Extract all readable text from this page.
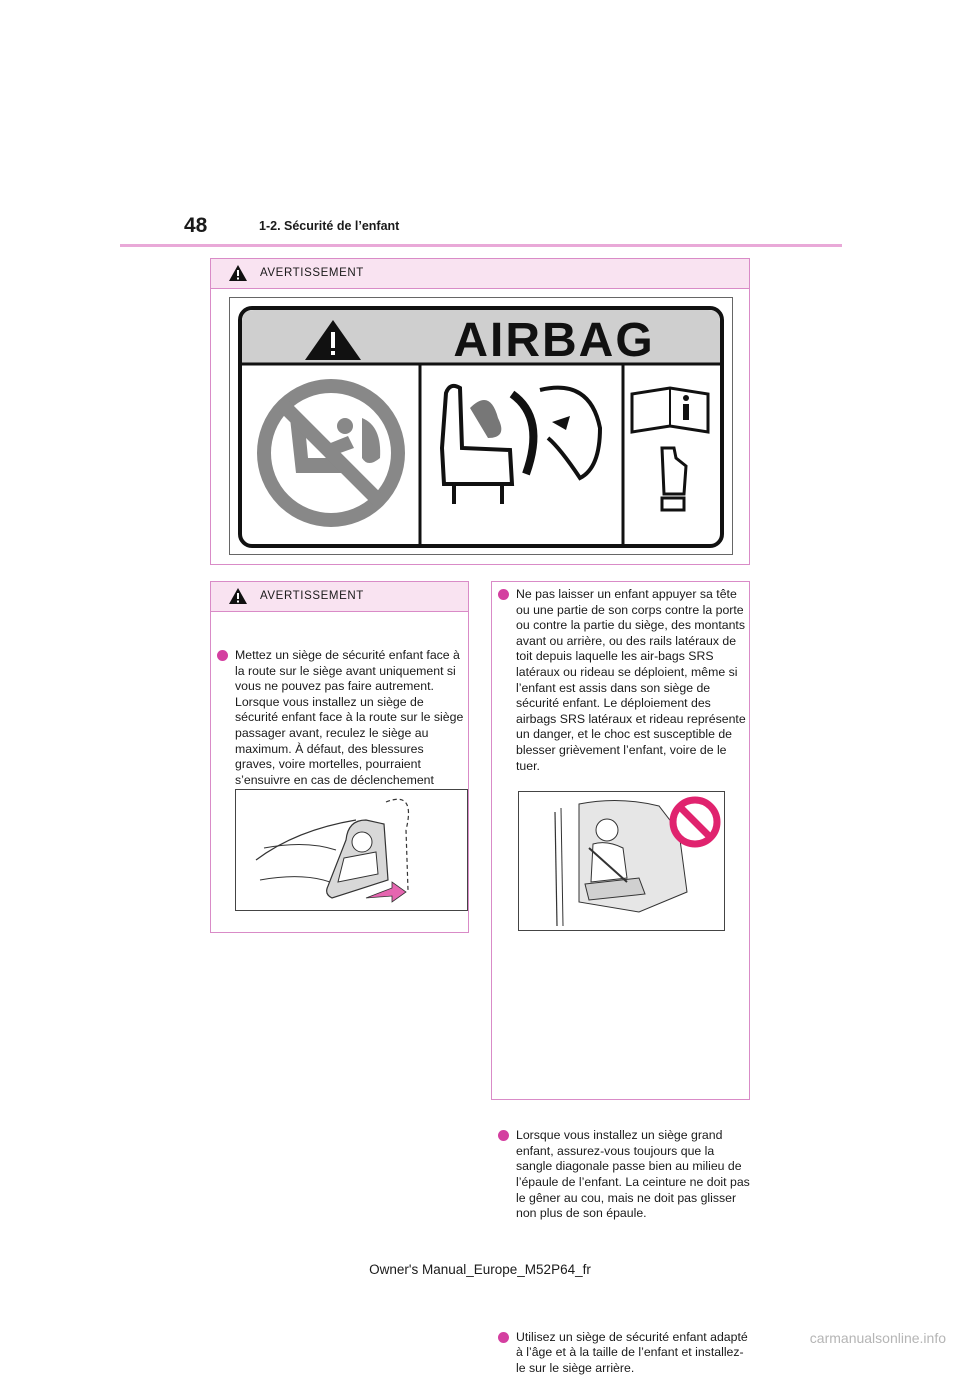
48	1-2. Sécurité de l’enfant
AVERTISSEMENT
AIRBAG
AVERTISSEMENT
Mettez un siège de sécurité enfant face à la route sur le siège avant uniquement si vous ne pouvez pas faire autrement. Lorsque vous installez un siège de sécurité enfant face à la route sur le siège passager avant, reculez le siège au maximum. À défaut, des blessures graves, voire mortelles, pourraient s’ensuivre en cas de déclenchement
Ne pas laisser un enfant appuyer sa tête ou une partie de son corps contre la porte ou contre la partie du siège, des montants avant ou arrière, ou des rails latéraux de toit depuis laquelle les air-bags SRS latéraux ou rideau se déploient, même si l’enfant est assis dans son siège de sécurité enfant. Le déploiement des airbags SRS latéraux et rideau représente un danger, et le choc est susceptible de blesser grièvement l’enfant, voire de le tuer.
Lorsque vous installez un siège grand enfant, assurez-vous toujours que la sangle diagonale passe bien au milieu de l’épaule de l’enfant. La ceinture ne doit pas le gêner au cou, mais ne doit pas glisser non plus de son épaule.
Utilisez un siège de sécurité enfant adapté à l’âge et à la taille de l’enfant et installez-le sur le siège arrière.
Owner's Manual_Europe_M52P64_fr
carmanualsonline.info
